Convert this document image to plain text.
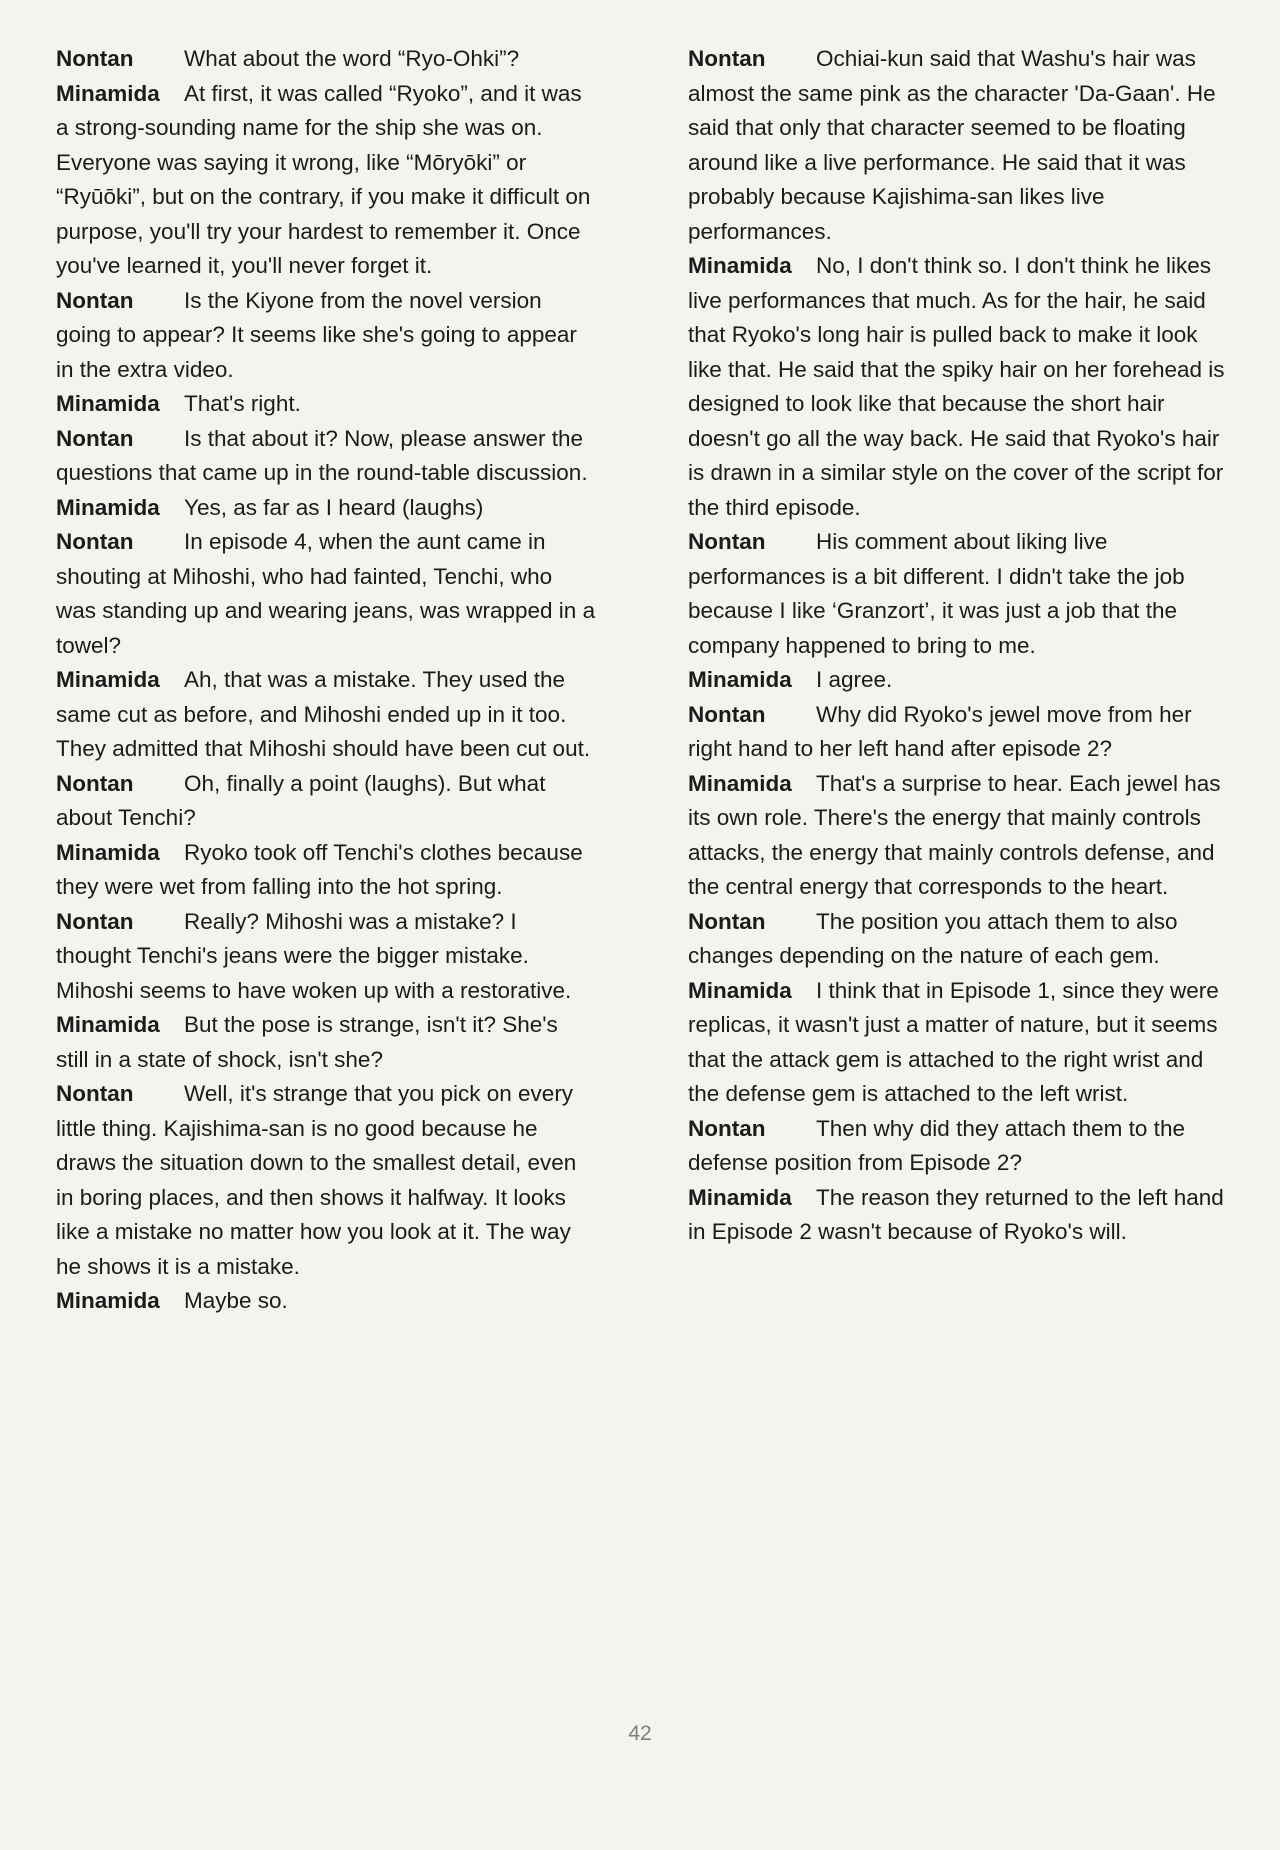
Nontan What about the word “Ryo-Ohki”?

Minamida At first, it was called “Ryoko”, and it was a strong-sounding name for the ship she was on. Everyone was saying it wrong, like “Mōryōki” or “Ryūōki”, but on the contrary, if you make it difficult on purpose, you'll try your hardest to remember it. Once you've learned it, you'll never forget it.

Nontan Is the Kiyone from the novel version going to appear? It seems like she's going to appear in the extra video.

Minamida That's right.

Nontan Is that about it? Now, please answer the questions that came up in the round-table discussion.

Minamida Yes, as far as I heard (laughs)

Nontan In episode 4, when the aunt came in shouting at Mihoshi, who had fainted, Tenchi, who was standing up and wearing jeans, was wrapped in a towel?

Minamida Ah, that was a mistake. They used the same cut as before, and Mihoshi ended up in it too. They admitted that Mihoshi should have been cut out.

Nontan Oh, finally a point (laughs). But what about Tenchi?

Minamida Ryoko took off Tenchi's clothes because they were wet from falling into the hot spring.

Nontan Really? Mihoshi was a mistake? I thought Tenchi's jeans were the bigger mistake. Mihoshi seems to have woken up with a restorative.

Minamida But the pose is strange, isn't it? She's still in a state of shock, isn't she?

Nontan Well, it's strange that you pick on every little thing. Kajishima-san is no good because he draws the situation down to the smallest detail, even in boring places, and then shows it halfway. It looks like a mistake no matter how you look at it. The way he shows it is a mistake.

Minamida Maybe so.

Nontan Ochiai-kun said that Washu's hair was almost the same pink as the character 'Da-Gaan'. He said that only that character seemed to be floating around like a live performance. He said that it was probably because Kajishima-san likes live performances.

Minamida No, I don't think so. I don't think he likes live performances that much. As for the hair, he said that Ryoko's long hair is pulled back to make it look like that. He said that the spiky hair on her forehead is designed to look like that because the short hair doesn't go all the way back. He said that Ryoko's hair is drawn in a similar style on the cover of the script for the third episode.

Nontan His comment about liking live performances is a bit different. I didn't take the job because I like ‘Granzort’, it was just a job that the company happened to bring to me.

Minamida I agree.

Nontan Why did Ryoko's jewel move from her right hand to her left hand after episode 2?

Minamida That's a surprise to hear. Each jewel has its own role. There's the energy that mainly controls attacks, the energy that mainly controls defense, and the central energy that corresponds to the heart.

Nontan The position you attach them to also changes depending on the nature of each gem.

Minamida I think that in Episode 1, since they were replicas, it wasn't just a matter of nature, but it seems that the attack gem is attached to the right wrist and the defense gem is attached to the left wrist.

Nontan Then why did they attach them to the defense position from Episode 2?

Minamida The reason they returned to the left hand in Episode 2 wasn't because of Ryoko's will.

42
